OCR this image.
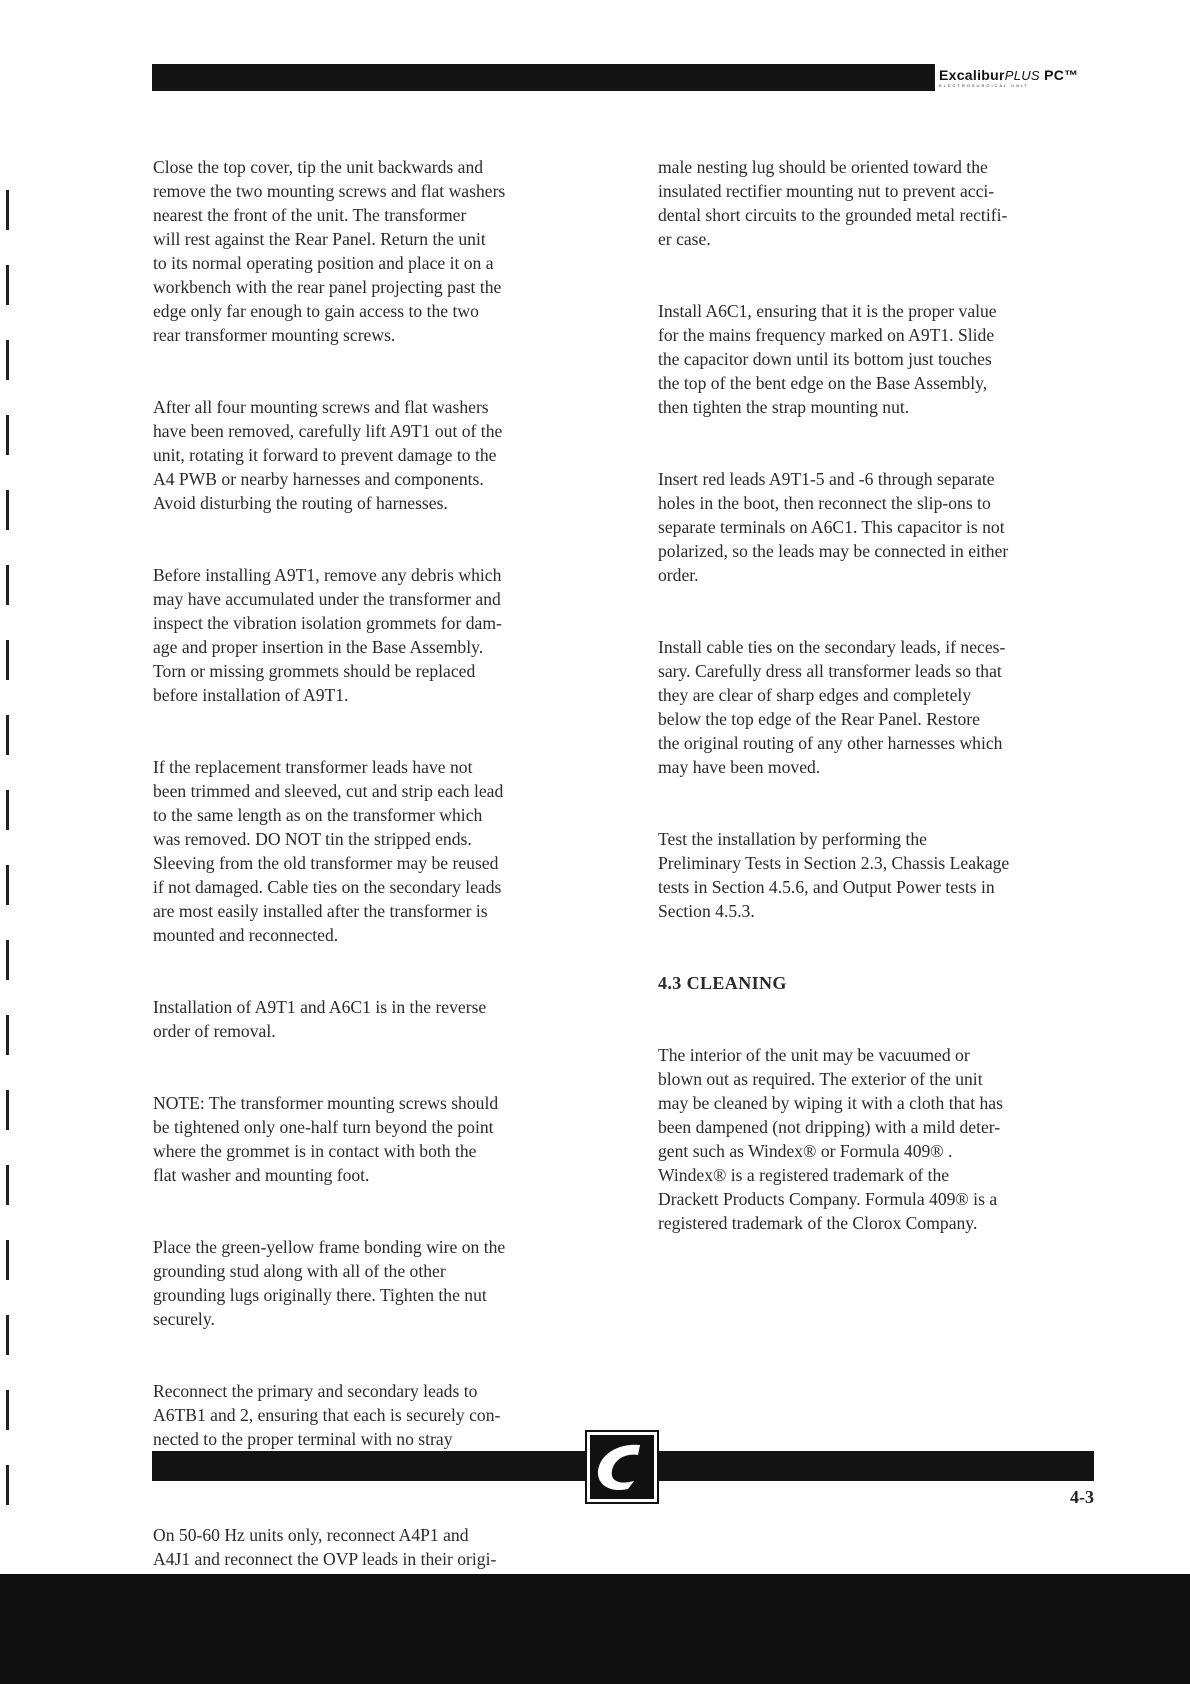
ExcaliburPLUS PC™
ELECTROSURGICAL UNIT

Close the top cover, tip the unit backwards and
remove the two mounting screws and flat washers
nearest the front of the unit. The transformer
will rest against the Rear Panel. Return the unit
to its normal operating position and place it on a
workbench with the rear panel projecting past the
edge only far enough to gain access to the two
rear transformer mounting screws.

After all four mounting screws and flat washers
have been removed, carefully lift A9T1 out of the
unit, rotating it forward to prevent damage to the
A4 PWB or nearby harnesses and components.
Avoid disturbing the routing of harnesses.

Before installing A9T1, remove any debris which
may have accumulated under the transformer and
inspect the vibration isolation grommets for dam-
age and proper insertion in the Base Assembly.
Torn or missing grommets should be replaced
before installation of A9T1.

If the replacement transformer leads have not
been trimmed and sleeved, cut and strip each lead
to the same length as on the transformer which
was removed. DO NOT tin the stripped ends.
Sleeving from the old transformer may be reused
if not damaged. Cable ties on the secondary leads
are most easily installed after the transformer is
mounted and reconnected.

Installation of A9T1 and A6C1 is in the reverse
order of removal.

NOTE: The transformer mounting screws should
be tightened only one-half turn beyond the point
where the grommet is in contact with both the
flat washer and mounting foot.

Place the green-yellow frame bonding wire on the
grounding stud along with all of the other
grounding lugs originally there. Tighten the nut
securely.

Reconnect the primary and secondary leads to
A6TB1 and 2, ensuring that each is securely con-
nected to the proper terminal with no stray

On 50-60 Hz units only, reconnect A4P1 and
A4J1 and reconnect the OVP leads in their origi-

male nesting lug should be oriented toward the
insulated rectifier mounting nut to prevent acci-
dental short circuits to the grounded metal rectifi-
er case.

Install A6C1, ensuring that it is the proper value
for the mains frequency marked on A9T1. Slide
the capacitor down until its bottom just touches
the top of the bent edge on the Base Assembly,
then tighten the strap mounting nut.

Insert red leads A9T1-5 and -6 through separate
holes in the boot, then reconnect the slip-ons to
separate terminals on A6C1. This capacitor is not
polarized, so the leads may be connected in either
order.

Install cable ties on the secondary leads, if neces-
sary. Carefully dress all transformer leads so that
they are clear of sharp edges and completely
below the top edge of the Rear Panel. Restore
the original routing of any other harnesses which
may have been moved.

Test the installation by performing the
Preliminary Tests in Section 2.3, Chassis Leakage
tests in Section 4.5.6, and Output Power tests in
Section 4.5.3.

4.3 CLEANING

The interior of the unit may be vacuumed or
blown out as required. The exterior of the unit
may be cleaned by wiping it with a cloth that has
been dampened (not dripping) with a mild deter-
gent such as Windex® or Formula 409® .
Windex® is a registered trademark of the
Drackett Products Company. Formula 409® is a
registered trademark of the Clorox Company.

4-3
